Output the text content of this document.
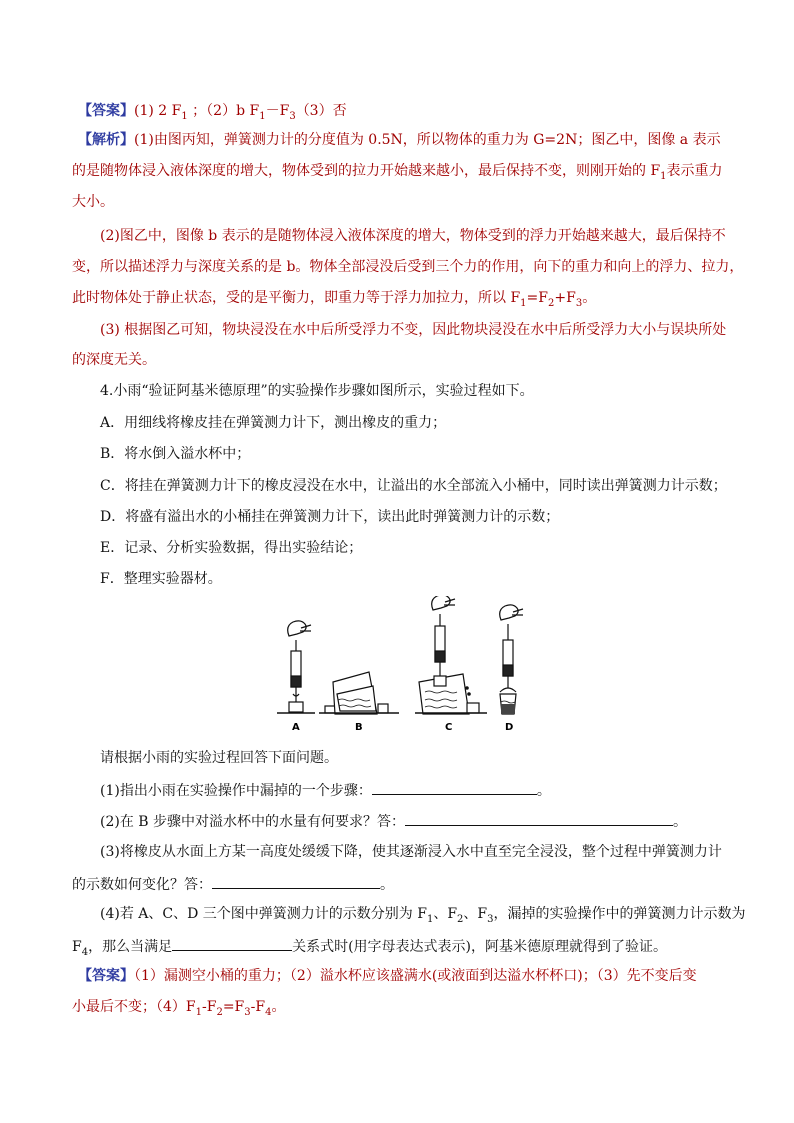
【答案】(1) 2 $F_1$ ；（2）b $F_1-F_3(3)$否
【解析】(1)由图丙知，弹簧测力计的分度值为 0.5N，所以物体的重力为 G=2N；图乙中，图像 a 表示
的是随物体浸入液体深度的增大，物体受到的拉力开始越来越小，最后保持不变，则刚开始的 $F_1$表示重力
大小。
(2)图乙中，图像 b 表示的是随物体浸入液体深度的增大，物体受到的浮力开始越来越大，最后保持不
变，所以描述浮力与深度关系的是 b。物体全部浸没后受到三个力的作用，向下的重力和向上的浮力、拉力，
此时物体处于静止状态，受的是平衡力，即重力等于浮力加拉力，所以 $F_1=F_2+F_3$。
(3) 根据图乙可知，物块浸没在水中后所受浮力不变，因此物块浸没在水中后所受浮力大小与误块所处
的深度无关。
4.小雨“验证阿基米德原理”的实验操作步骤如图所示，实验过程如下。
A．用细线将橡皮挂在弹簧测力计下，测出橡皮的重力；
B．将水倒入溢水杯中；
C．将挂在弹簧测力计下的橡皮浸没在水中，让溢出的水全部流入小桶中，同时读出弹簧测力计示数；
D．将盛有溢出水的小桶挂在弹簧测力计下，读出此时弹簧测力计的示数；
E．记录、分析实验数据，得出实验结论；
F．整理实验器材。
A	B	C	D
请根据小雨的实验过程回答下面问题。
(1)指出小雨在实验操作中漏掉的一个步骤：	。
(2)在 B 步骤中对溢水杯中的水量有何要求？答：	。
(3)将橡皮从水面上方某一高度处缓缓下降，使其逐渐浸入水中直至完全浸没，整个过程中弹簧测力计
的示数如何变化？答：	。
(4)若 A、C、D 三个图中弹簧测力计的示数分别为 $F_1$、$F_2$、$F_3$，漏掉的实验操作中的弹簧测力计示数为
$F_4$，那么当满足	关系式时(用字母表达式表示)，阿基米德原理就得到了验证。
【答案】（1）漏测空小桶的重力；（2）溢水杯应该盛满水(或液面到达溢水杯杯口)；（3）先不变后变
小最后不变；$(4)F_1-F_2=F_3-F_4$。
